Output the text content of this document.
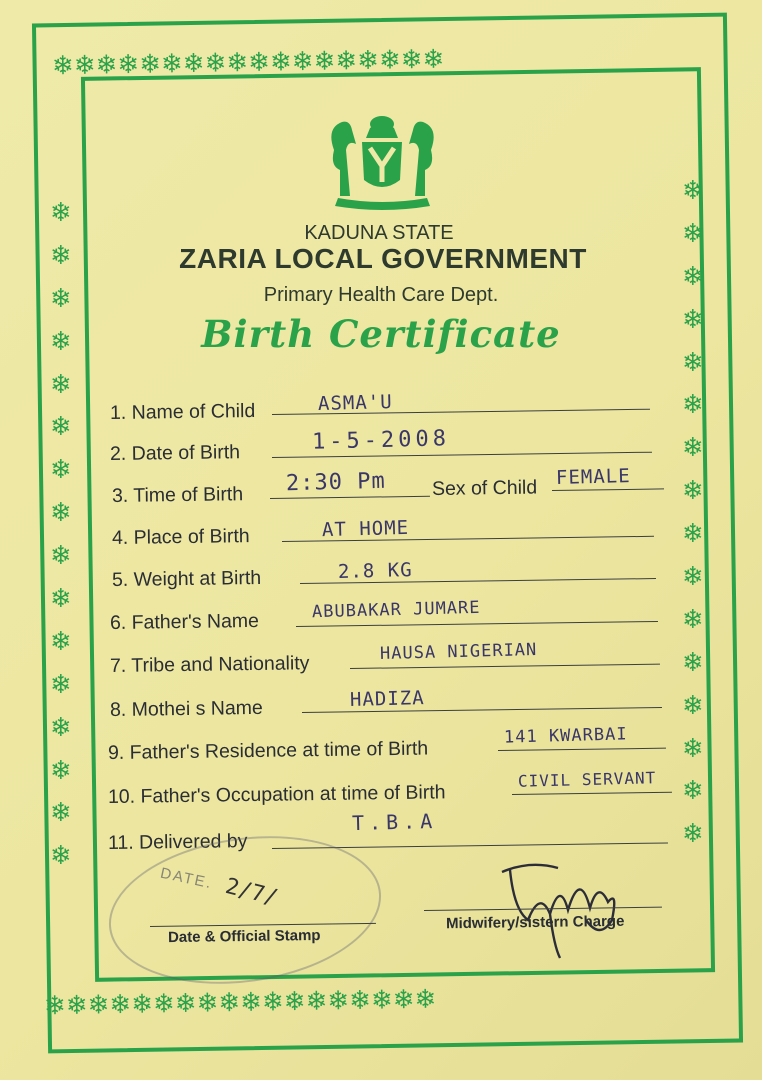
❄ ❄ ❄ ❄ ❄ ❄ ❄ ❄ ❄ ❄ ❄ ❄ ❄ ❄ ❄ ❄ ❄ ❄
❄ ❄ ❄ ❄ ❄ ❄ ❄ ❄ ❄ ❄ ❄ ❄ ❄ ❄ ❄ ❄ ❄ ❄
❄
❄
❄
❄
❄
❄
❄
❄
❄
❄
❄
❄
❄
❄
❄
❄
❄
❄
❄
❄
❄
❄
❄
❄
❄
❄
❄
❄
❄
❄
❄
❄
KADUNA STATE
ZARIA LOCAL GOVERNMENT
Primary Health Care Dept.
Birth Certificate
1. Name of Child	ASMA'U
2. Date of Birth	1-5-2008
3. Time of Birth 2:30 Pm Sex of Child FEMALE
4. Place of Birth	AT HOME
5. Weight at Birth	2.8 KG
6. Father's Name	ABUBAKAR JUMARE
7. Tribe and Nationality
HAUSA NIGERIAN
8. Mothei s Name	HADIZA
9. Father's Residence at time of Birth
141 KWARBAI
10. Father's Occupation at time of Birth
CIVIL SERVANT
11. Delivered by
T.B.A
DATE. 2/7/
Date & Official Stamp
Midwifery/sistern Charge
